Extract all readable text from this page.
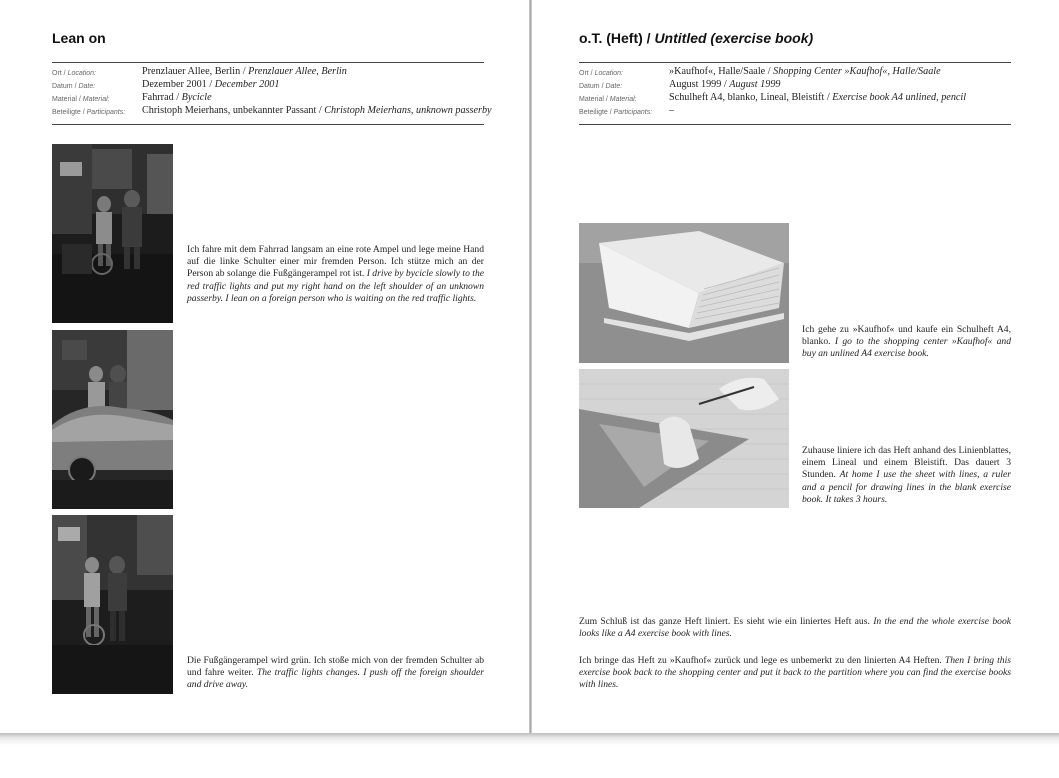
Lean on
Ort / Location:	Prenzlauer Allee, Berlin / Prenzlauer Allee, Berlin
Datum / Date:	Dezember 2001 / December 2001
Material / Material:	Fahrrad / Bycicle
Beteiligte / Participants:	Christoph Meierhans, unbekannter Passant / Christoph Meierhans, unknown passerby
Ich fahre mit dem Fahrrad langsam an eine rote Ampel und lege meine Hand auf die linke Schulter einer mir fremden Person. Ich stütze mich an der Person ab solange die Fußgängerampel rot ist. I drive by bycicle slowly to the red traffic lights and put my right hand on the left shoulder of an unknown passerby. I lean on a foreign person who is waiting on the red traffic lights.
Die Fußgängerampel wird grün. Ich stoße mich von der fremden Schulter ab und fahre weiter. The traffic lights changes. I push off the foreign shoulder and drive away.
o.T. (Heft) / Untitled (exercise book)
Ort / Location:	»Kaufhof«, Halle/Saale / Shopping Center »Kaufhof«, Halle/Saale
Datum / Date:	August 1999 / August 1999
Material / Material:	Schulheft A4, blanko, Lineal, Bleistift / Exercise book A4 unlined, pencil
Beteiligte / Participants:	–
Ich gehe zu »Kaufhof« und kaufe ein Schulheft A4, blanko. I go to the shopping center »Kaufhof« and buy an unlined A4 exercise book.
Zuhause liniere ich das Heft anhand des Linienblattes, einem Lineal und einem Bleistift. Das dauert 3 Stunden. At home I use the sheet with lines, a ruler and a pencil for drawing lines in the blank exercise book. It takes 3 hours.
Zum Schluß ist das ganze Heft liniert. Es sieht wie ein liniertes Heft aus. In the end the whole exercise book looks like a A4 exercise book with lines.
Ich bringe das Heft zu »Kaufhof« zurück und lege es unbemerkt zu den linierten A4 Heften. Then I bring this exercise book back to the shopping center and put it back to the partition where you can find the exercise books with lines.
